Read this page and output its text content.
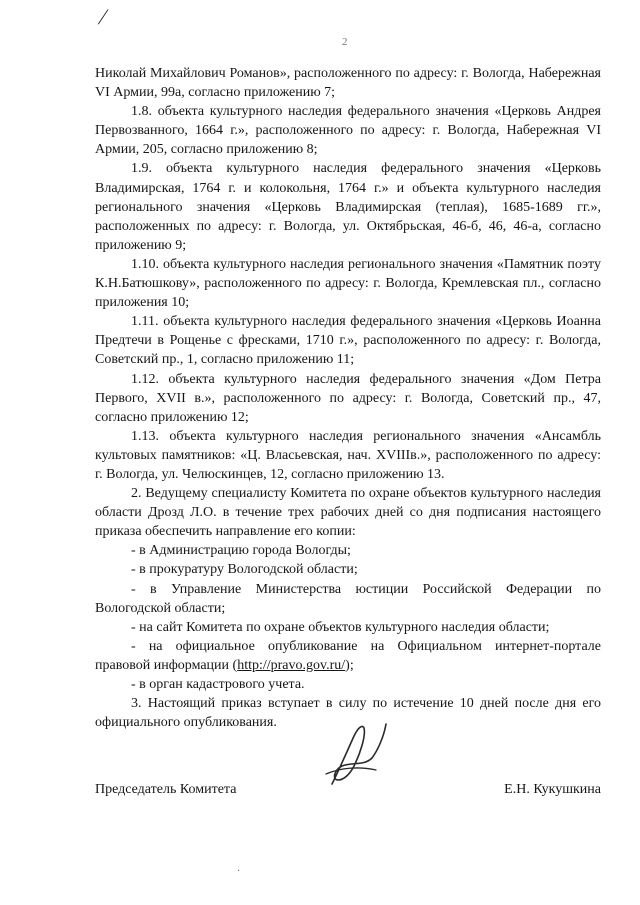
/
2

Николай Михайлович Романов», расположенного по адресу: г. Вологда, Набережная VI Армии, 99а, согласно приложению 7;

1.8. объекта культурного наследия федерального значения «Церковь Андрея Первозванного, 1664 г.», расположенного по адресу: г. Вологда, Набережная VI Армии, 205, согласно приложению 8;

1.9. объекта культурного наследия федерального значения «Церковь Владимирская, 1764 г. и колокольня, 1764 г.» и объекта культурного наследия регионального значения «Церковь Владимирская (теплая), 1685-1689 гг.», расположенных по адресу: г. Вологда, ул. Октябрьская, 46-б, 46, 46-а, согласно приложению 9;

1.10. объекта культурного наследия регионального значения «Памятник поэту К.Н.Батюшкову», расположенного по адресу: г. Вологда, Кремлевская пл., согласно приложения 10;

1.11. объекта культурного наследия федерального значения «Церковь Иоанна Предтечи в Рощенье с фресками, 1710 г.», расположенного по адресу: г. Вологда, Советский пр., 1, согласно приложению 11;

1.12. объекта культурного наследия федерального значения «Дом Петра Первого, XVII в.», расположенного по адресу: г. Вологда, Советский пр., 47, согласно приложению 12;

1.13. объекта культурного наследия регионального значения «Ансамбль культовых памятников: «Ц. Власьевская, нач. XVIIIв.», расположенного по адресу: г. Вологда, ул. Челюскинцев, 12, согласно приложению 13.

2. Ведущему специалисту Комитета по охране объектов культурного наследия области Дрозд Л.О. в течение трех рабочих дней со дня подписания настоящего приказа обеспечить направление его копии:

- в Администрацию города Вологды;

- в прокуратуру Вологодской области;

- в Управление Министерства юстиции Российской Федерации по Вологодской области;

- на сайт Комитета по охране объектов культурного наследия области;

- на официальное опубликование на Официальном интернет-портале правовой информации (http://pravo.gov.ru/);

- в орган кадастрового учета.

3. Настоящий приказ вступает в силу по истечение 10 дней после дня его официального опубликования.

Председатель Комитета	Е.Н. Кукушкина
·
